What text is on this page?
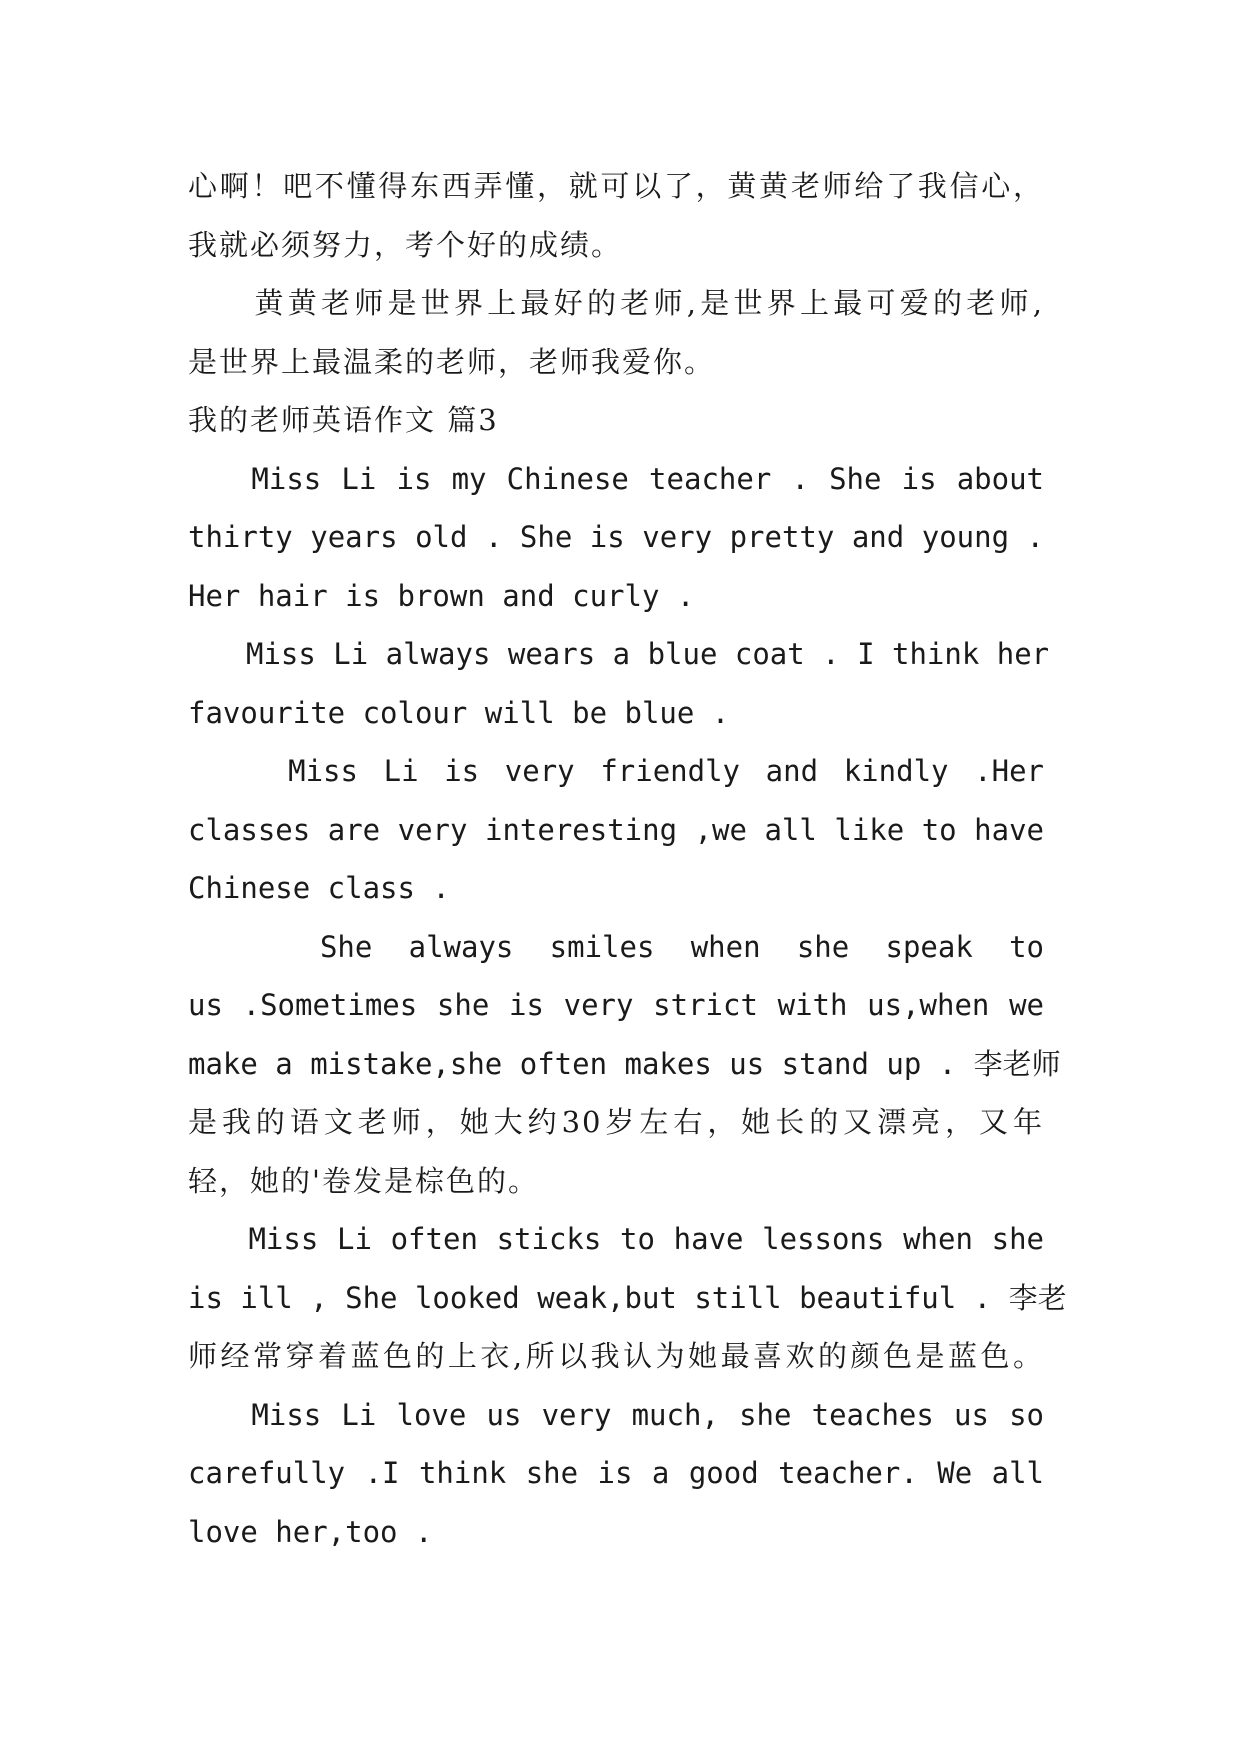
心啊！吧不懂得东西弄懂，就可以了，黄黄老师给了我信心，
我就必须努力，考个好的成绩。
　　黄黄老师是世界上最好的老师,是世界上最可爱的老师,
是世界上最温柔的老师，老师我爱你。
我的老师英语作文 篇3
　　Miss Li is my Chinese teacher . She is about
thirty years old . She is very pretty and young .
Her hair is brown and curly .
　　Miss Li always wears a blue coat . I think her
favourite colour will be blue .
　　 Miss Li is very friendly and kindly .Her
classes are very interesting ,we all like to have
Chinese class .
　　 She always smiles when she speak to
us .Sometimes she is very strict with us,when we
make a mistake,she often makes us stand up . 李老师
是我的语文老师，她大约30岁左右，她长的又漂亮，又年
轻，她的'卷发是棕色的。
　　Miss Li often sticks to have lessons when she
is ill , She looked weak,but still beautiful . 李老
师经常穿着蓝色的上衣,所以我认为她最喜欢的颜色是蓝色。
　　Miss Li love us very much, she teaches us so
carefully .I think she is a good teacher. We all
love her,too .
